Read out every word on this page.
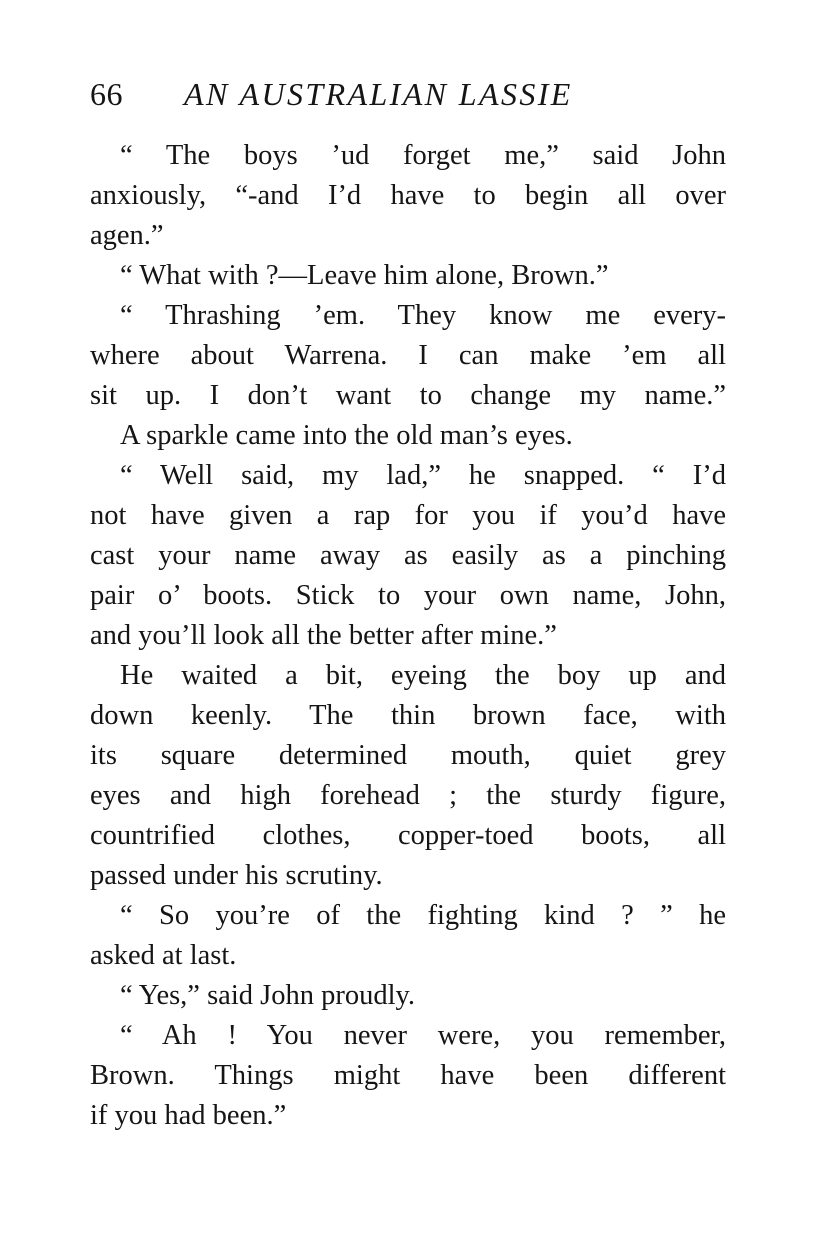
66 AN AUSTRALIAN LASSIE
“ The boys ’ud forget me,” said John
anxiously, “-and I’d have to begin all over
agen.”
“ What with ?—Leave him alone, Brown.”
“ Thrashing ’em. They know me every-
where about Warrena. I can make ’em all
sit up. I don’t want to change my name.”
A sparkle came into the old man’s eyes.
“ Well said, my lad,” he snapped. “ I’d
not have given a rap for you if you’d have
cast your name away as easily as a pinching
pair o’ boots. Stick to your own name, John,
and you’ll look all the better after mine.”
He waited a bit, eyeing the boy up and
down keenly. The thin brown face, with
its square determined mouth, quiet grey
eyes and high forehead ; the sturdy figure,
countrified clothes, copper-toed boots, all
passed under his scrutiny.
“ So you’re of the fighting kind ? ” he
asked at last.
“ Yes,” said John proudly.
“ Ah ! You never were, you remember,
Brown. Things might have been different
if you had been.”
